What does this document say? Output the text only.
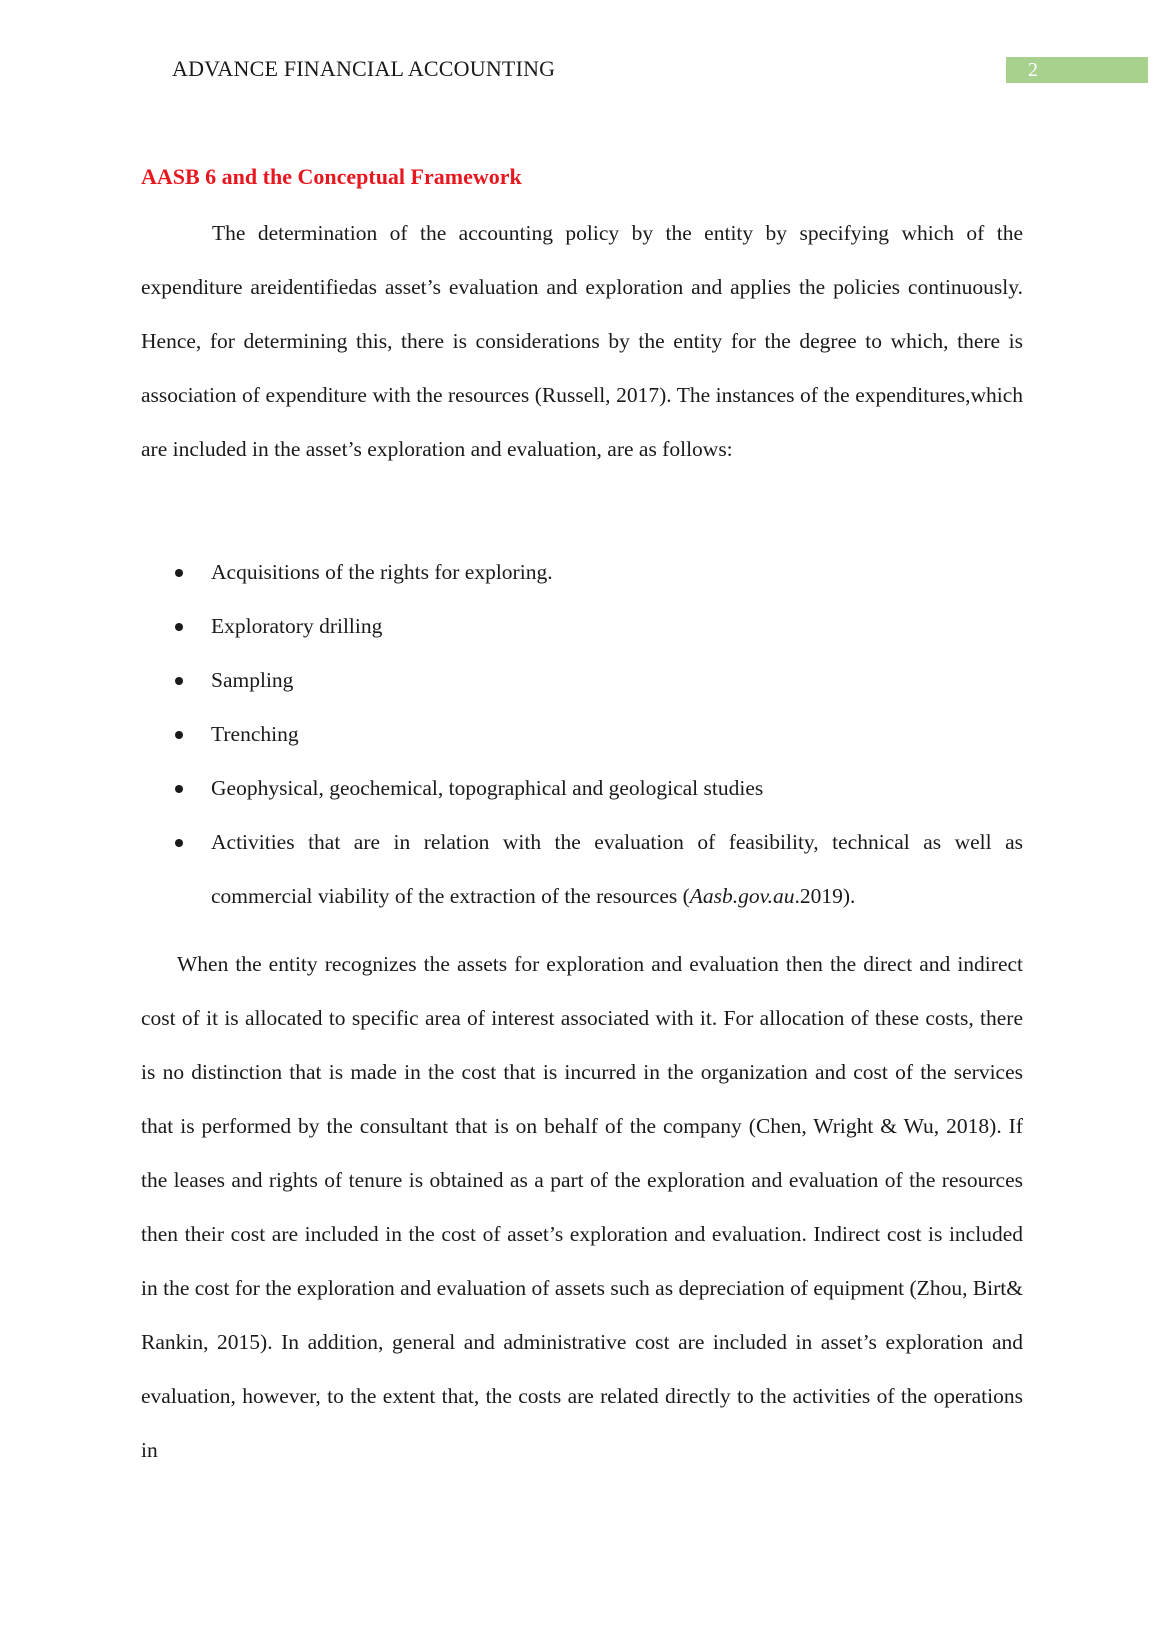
ADVANCE FINANCIAL ACCOUNTING	2
AASB 6 and the Conceptual Framework

The determination of the accounting policy by the entity by specifying which of the expenditure areidentifiedas asset’s evaluation and exploration and applies the policies continuously. Hence, for determining this, there is considerations by the entity for the degree to which, there is association of expenditure with the resources (Russell, 2017). The instances of the expenditures,which are included in the asset’s exploration and evaluation, are as follows:

Acquisitions of the rights for exploring.
Exploratory drilling
Sampling
Trenching
Geophysical, geochemical, topographical and geological studies
Activities that are in relation with the evaluation of feasibility, technical as well as commercial viability of the extraction of the resources (Aasb.gov.au.2019).

When the entity recognizes the assets for exploration and evaluation then the direct and indirect cost of it is allocated to specific area of interest associated with it. For allocation of these costs, there is no distinction that is made in the cost that is incurred in the organization and cost of the services that is performed by the consultant that is on behalf of the company (Chen, Wright & Wu, 2018). If the leases and rights of tenure is obtained as a part of the exploration and evaluation of the resources then their cost are included in the cost of asset’s exploration and evaluation. Indirect cost is included in the cost for the exploration and evaluation of assets such as depreciation of equipment (Zhou, Birt& Rankin, 2015). In addition, general and administrative cost are included in asset’s exploration and evaluation, however, to the extent that, the costs are related directly to the activities of the operations in
